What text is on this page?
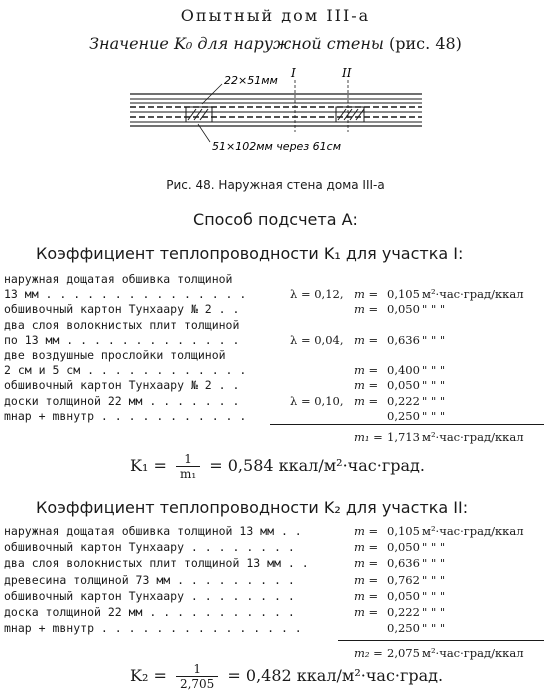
Опытный дом III-а
Значение K₀ для наружной стены (рис. 48)
22×51мм
51×102мм через 61см
I	II
Рис. 48. Наружная стена дома III-а
Способ подсчета А:
Коэффициент теплопроводности K₁ для участка I:
наружная дощатая обшивка толщиной
13 мм . . . . . . . . . . . . . . .	λ = 0,12, m = 0,105 м²·час·град/ккал
обшивочный картон Тунхаару № 2 . .	m = 0,050 " " "
два слоя волокнистых плит толщиной
по 13 мм . . . . . . . . . . . . .	λ = 0,04, m = 0,636 " " "
две воздушные прослойки толщиной
2 см и 5 см . . . . . . . . . . . .	m = 0,400 " " "
обшивочный картон Тунхаару № 2 . .	m = 0,050 " " "
доски толщиной 22 мм . . . . . . .	λ = 0,10, m = 0,222 " " "
mнар + mвнутр . . . . . . . . . . .	0,250 " " "
m₁ = 1,713 м²·час·град/ккал
$K_1 = \frac{1}{\text{m₁}} = 0,584$ ккал/м²·час·град.
Коэффициент теплопроводности K₂ для участка II:
наружная дощатая обшивка толщиной 13 мм . .	m = 0,105 м²·час·град/ккал
обшивочный картон Тунхаару . . . . . . . .	m = 0,050 " " "
два слоя волокнистых плит толщиной 13 мм . .	m = 0,636 " " "
древесина толщиной 73 мм . . . . . . . . .	m = 0,762 " " "
обшивочный картон Тунхаару . . . . . . . .	m = 0,050 " " "
доска толщиной 22 мм . . . . . . . . . . .	m = 0,222 " " "
mнар + mвнутр . . . . . . . . . . . . . . .	0,250 " " "
m₂ = 2,075 м²·час·град/ккал
$K_2 = \frac{1}{2,705} = 0,482$ ккал/м²·час·град.
